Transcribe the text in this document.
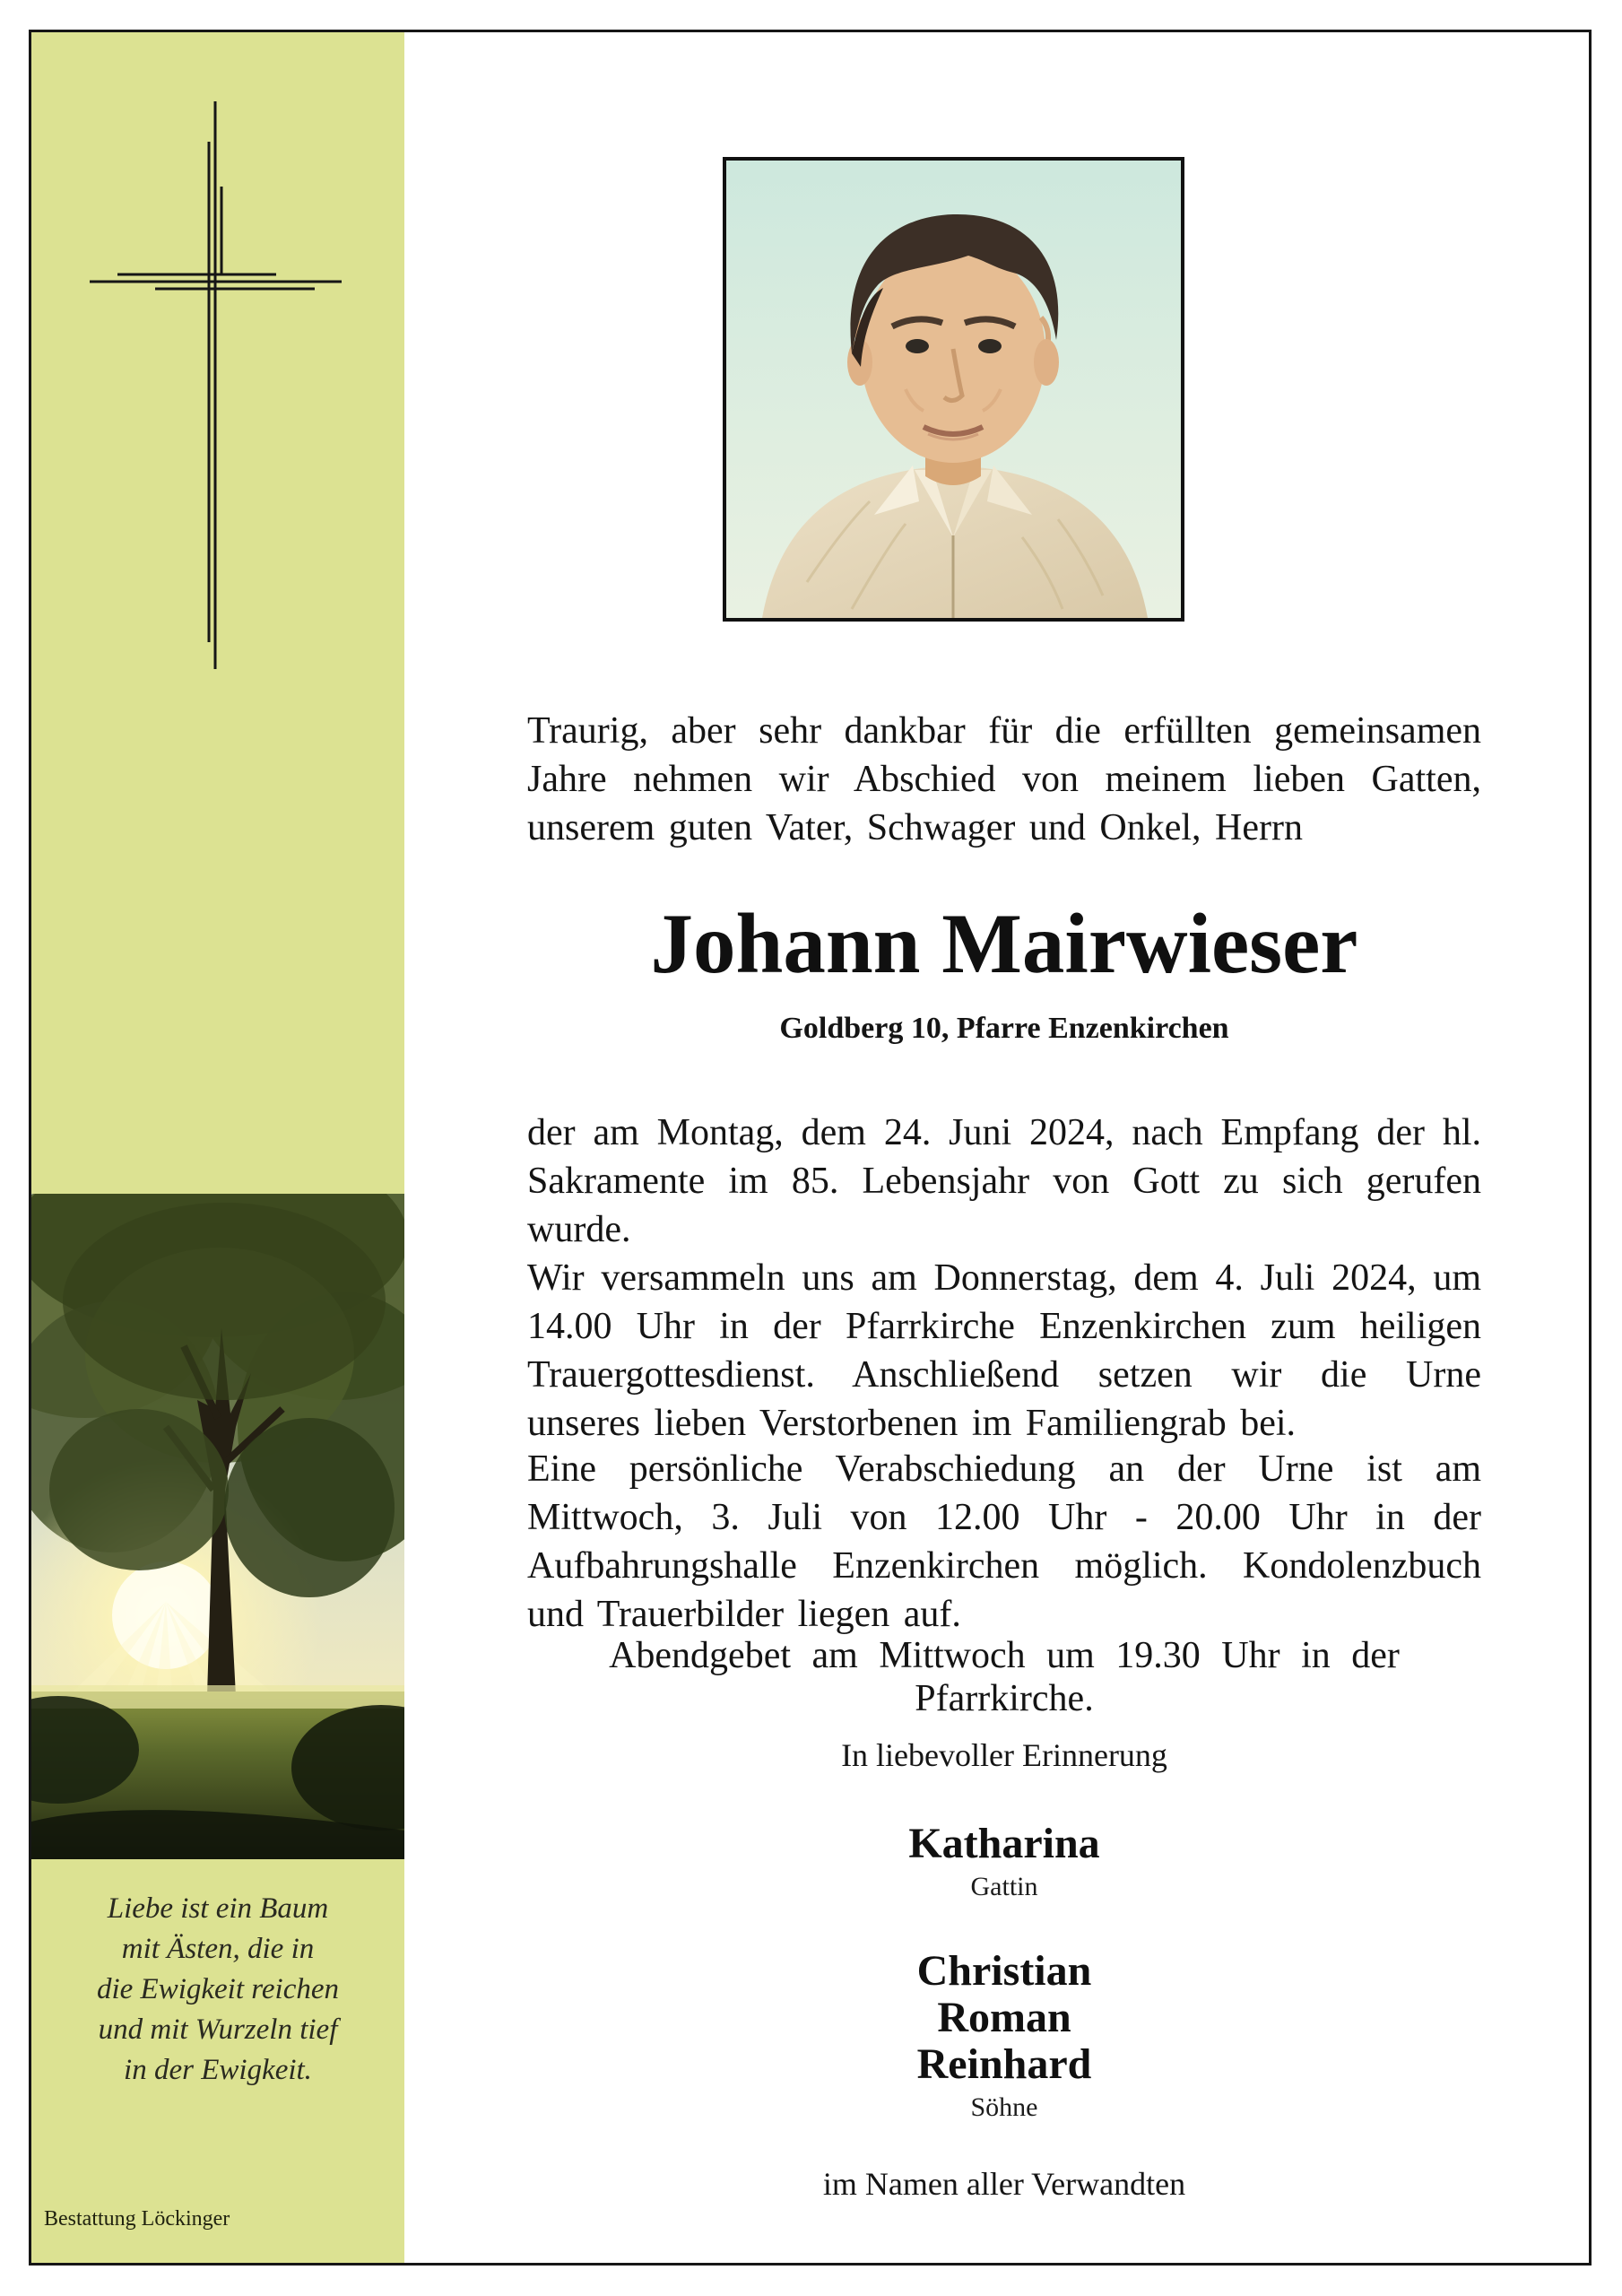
Liebe ist ein Baum
mit Ästen, die in
die Ewigkeit reichen
und mit Wurzeln tief
in der Ewigkeit.
Bestattung Löckinger

Traurig, aber sehr dankbar für die erfüllten gemeinsamen Jahre nehmen wir Abschied von meinem lieben Gatten, unserem guten Vater, Schwager und Onkel, Herrn

Johann Mairwieser
Goldberg 10, Pfarre Enzenkirchen

der am Montag, dem 24. Juni 2024, nach Empfang der hl. Sakramente im 85. Lebensjahr von Gott zu sich gerufen wurde.

Wir versammeln uns am Donnerstag, dem 4. Juli 2024, um 14.00 Uhr in der Pfarrkirche Enzenkirchen zum heiligen Trauergottesdienst. Anschließend setzen wir die Urne unseres lieben Verstorbenen im Familiengrab bei.

Eine persönliche Verabschiedung an der Urne ist am Mittwoch, 3. Juli von 12.00 Uhr - 20.00 Uhr in der Aufbahrungshalle Enzenkirchen möglich. Kondolenzbuch und Trauerbilder liegen auf.

Abendgebet am Mittwoch um 19.30 Uhr in der Pfarrkirche.

In liebevoller Erinnerung
Katharina
Gattin
Christian
Roman
Reinhard
Söhne
im Namen aller Verwandten
